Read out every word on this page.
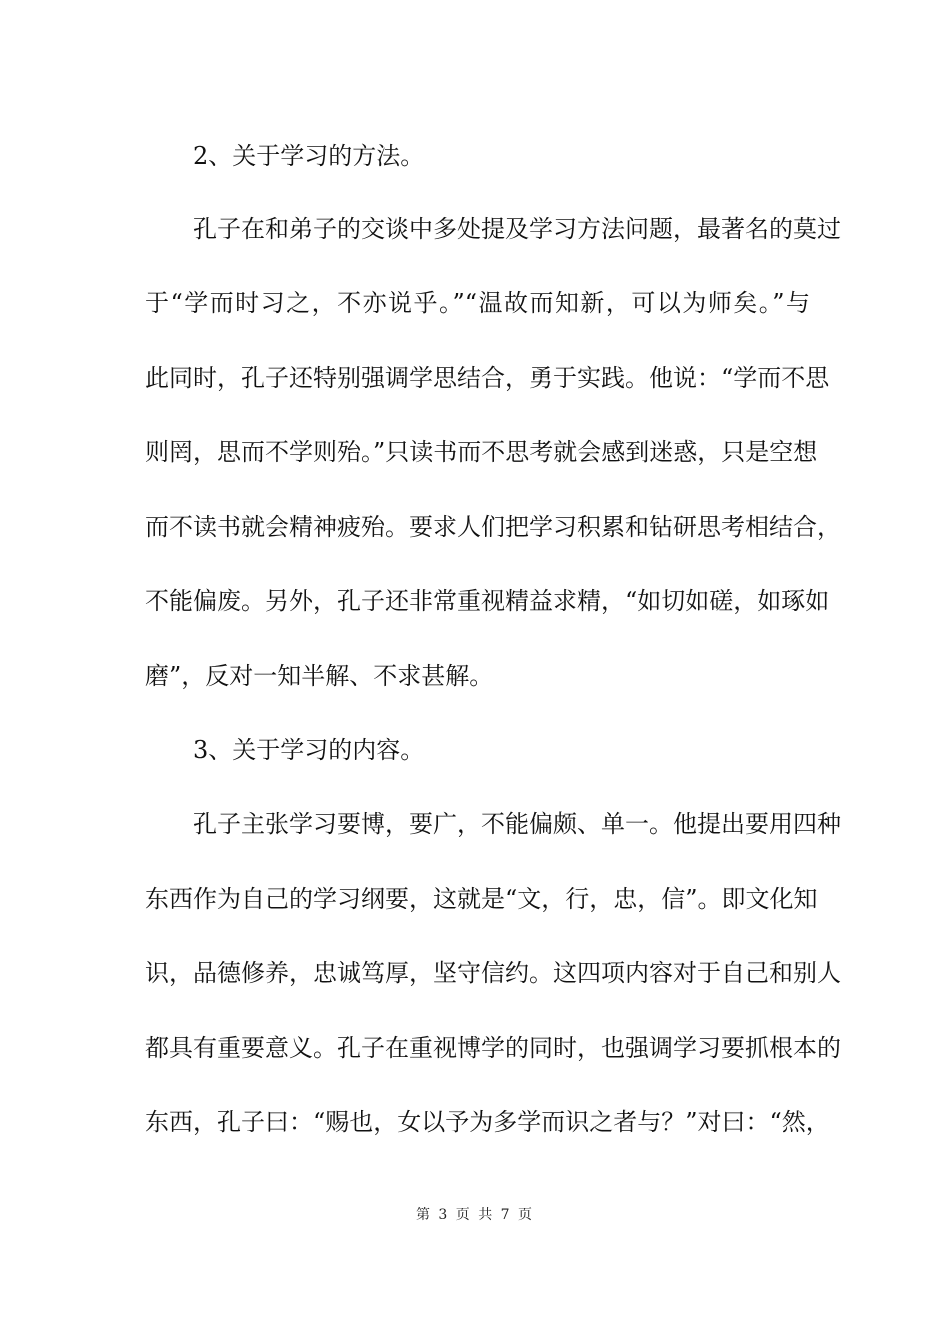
2、关于学习的方法。
孔子在和弟子的交谈中多处提及学习方法问题，最著名的莫过
于“学而时习之，不亦说乎。”“温故而知新，可以为师矣。”与
此同时，孔子还特别强调学思结合，勇于实践。他说：“学而不思
则罔，思而不学则殆。”只读书而不思考就会感到迷惑，只是空想
而不读书就会精神疲殆。要求人们把学习积累和钻研思考相结合，
不能偏废。另外，孔子还非常重视精益求精，“如切如磋，如琢如
磨”，反对一知半解、不求甚解。
3、关于学习的内容。
孔子主张学习要博，要广，不能偏颇、单一。他提出要用四种
东西作为自己的学习纲要，这就是“文，行，忠，信”。即文化知
识，品德修养，忠诚笃厚，坚守信约。这四项内容对于自己和别人
都具有重要意义。孔子在重视博学的同时，也强调学习要抓根本的
东西，孔子曰：“赐也，女以予为多学而识之者与？”对曰：“然，
第 3 页 共 7 页
